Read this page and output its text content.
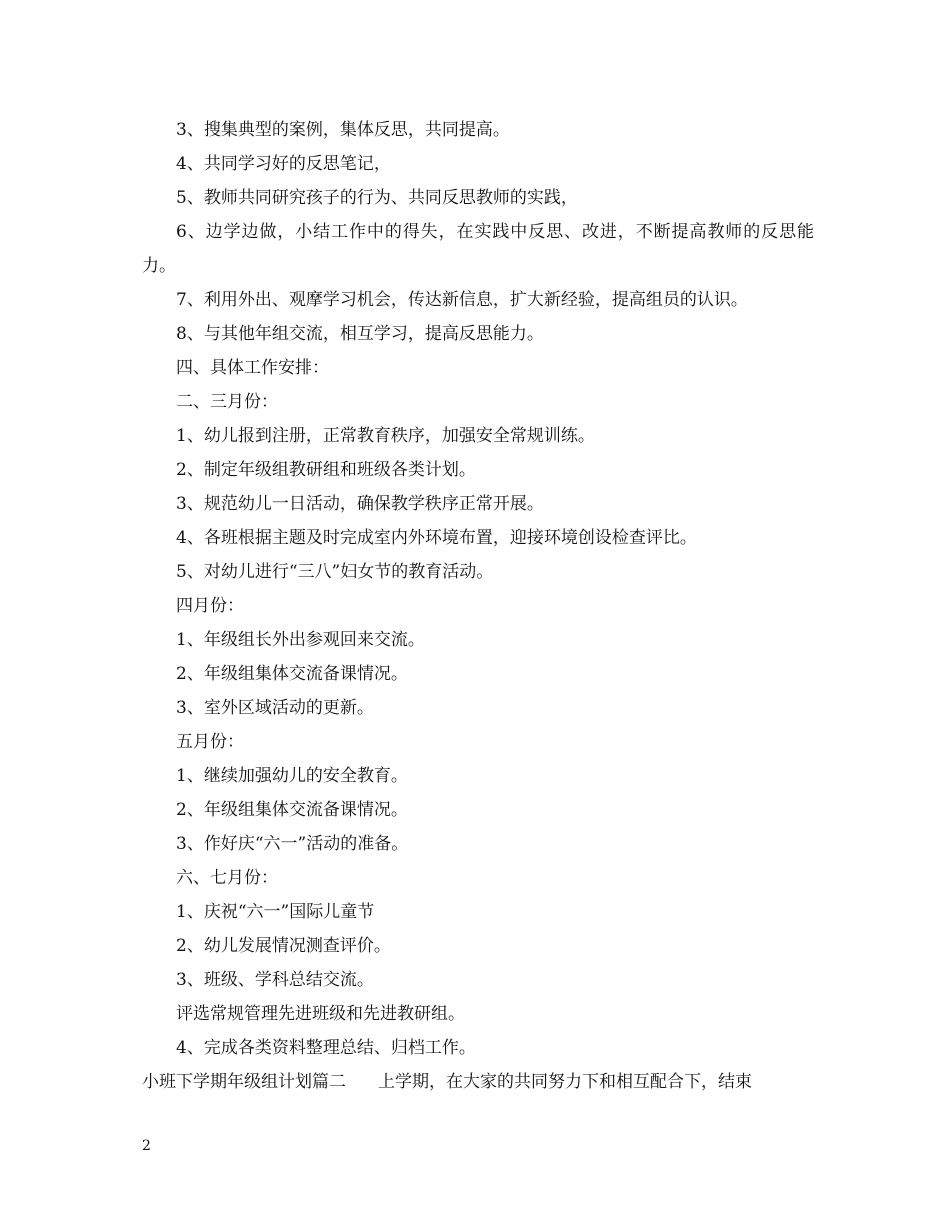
3、搜集典型的案例，集体反思，共同提高。
4、共同学习好的反思笔记，
5、教师共同研究孩子的行为、共同反思教师的实践，
6、边学边做，小结工作中的得失，在实践中反思、改进，不断提高教师的反思能力。
7、利用外出、观摩学习机会，传达新信息，扩大新经验，提高组员的认识。
8、与其他年组交流，相互学习，提高反思能力。
四、具体工作安排：
二、三月份：
1、幼儿报到注册，正常教育秩序，加强安全常规训练。
2、制定年级组教研组和班级各类计划。
3、规范幼儿一日活动，确保教学秩序正常开展。
4、各班根据主题及时完成室内外环境布置，迎接环境创设检查评比。
5、对幼儿进行“三八”妇女节的教育活动。
四月份：
1、年级组长外出参观回来交流。
2、年级组集体交流备课情况。
3、室外区域活动的更新。
五月份：
1、继续加强幼儿的安全教育。
2、年级组集体交流备课情况。
3、作好庆“六一”活动的准备。
六、七月份：
1、庆祝“六一”国际儿童节
2、幼儿发展情况测查评价。
3、班级、学科总结交流。
评选常规管理先进班级和先进教研组。
4、完成各类资料整理总结、归档工作。
小班下学期年级组计划篇二 上学期，在大家的共同努力下和相互配合下，结束
2
